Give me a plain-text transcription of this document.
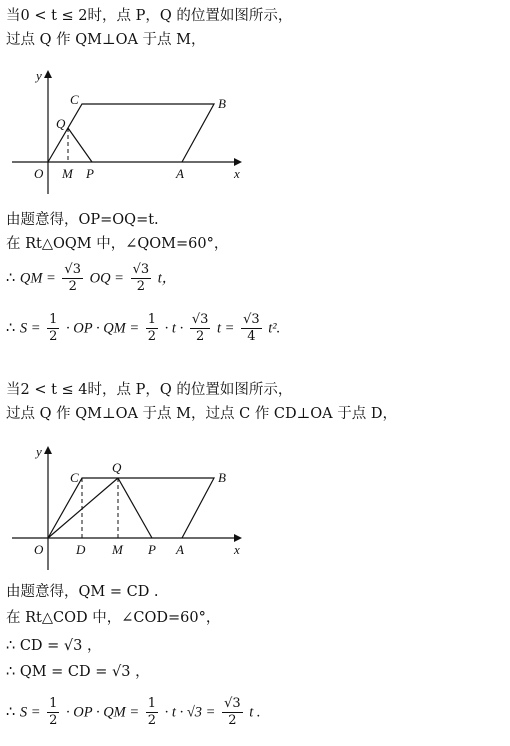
当0 < t ≤ 2时，点 P，Q 的位置如图所示，
过点 Q 作 QM⊥OA 于点 M，
y
x
O M P	A
B
C
Q
由题意得，OP=OQ=t.
在 Rt△OQM 中，∠QOM=60°，
∴ QM = $\frac{√3}{2}$ OQ = $\frac{√3}{2}$ t，
∴ $S = \frac{1}{2}$ · OP · QM = $\frac{1}{2} \cdot t \cdot \frac{√3}{2}$ $t = \frac{√3}{4} t^2$.
当2 < t ≤ 4时，点 P，Q 的位置如图所示，
过点 Q 作 QM⊥OA 于点 M，过点 C 作 CD⊥OA 于点 D，
y
x
O	D M P A
B
C
Q
由题意得，QM = CD .
在 Rt△COD 中，∠COD=60°，
∴ CD = √3 ，
∴ QM = CD = √3 ，
∴ $S = \frac{1}{2}$ · OP · QM = $\frac{1}{2} \cdot t \cdot √3 = \frac{√3}{2}$ t .
